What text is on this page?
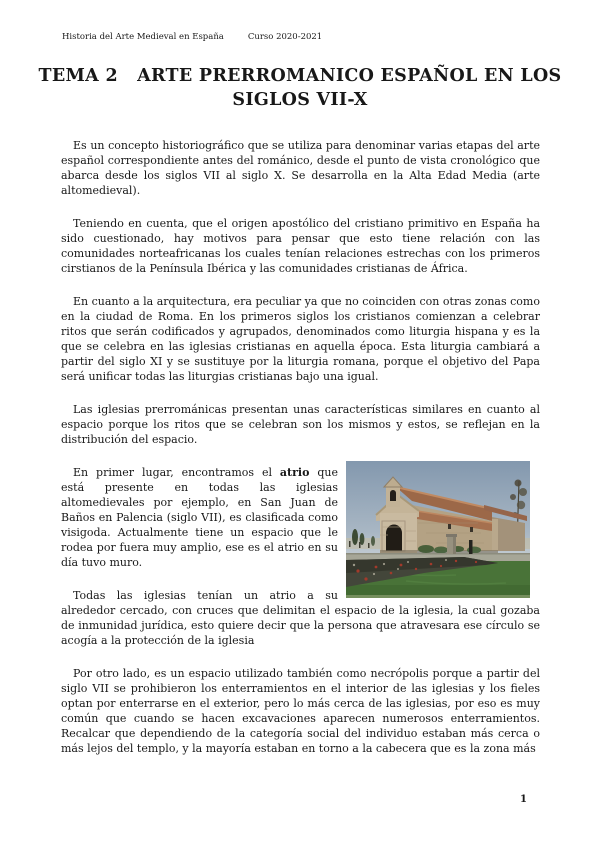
Historia del Arte Medieval en España	Curso 2020-2021
TEMA 2   ARTE PRERROMANICO ESPAÑOL EN LOS
SIGLOS VII-X

Es un concepto historiográfico que se utiliza para denominar varias etapas del arte español correspondiente antes del románico, desde el punto de vista cronológico que abarca desde los siglos VII al siglo X. Se desarrolla en la Alta Edad Media (arte altomedieval).

Teniendo en cuenta, que el origen apostólico del cristiano primitivo en España ha sido cuestionado, hay motivos para pensar que esto tiene relación con las comunidades norteafricanas los cuales tenían relaciones estrechas con los primeros cirstianos de la Península Ibérica y las comunidades cristianas de África.

En cuanto a la arquitectura, era peculiar ya que no coinciden con otras zonas como en la ciudad de Roma. En los primeros siglos los cristianos comienzan a celebrar ritos que serán codificados y agrupados, denominados como liturgia hispana y es la que se celebra en las iglesias cristianas en aquella época. Esta liturgia cambiará a partir del siglo XI y se sustituye por la liturgia romana, porque el objetivo del Papa será unificar todas las liturgias cristianas bajo una igual.

Las iglesias prerrománicas presentan unas características similares en cuanto al espacio porque los ritos que se celebran son los mismos y estos, se reflejan en la distribución del espacio.

En primer lugar, encontramos el atrio que está presente en todas las iglesias altomedievales por ejemplo, en San Juan de Baños en Palencia (siglo VII), es clasificada como visigoda. Actualmente tiene un espacio que le rodea por fuera muy amplio, ese es el atrio en su día tuvo muro.

Todas las iglesias tenían un atrio a su alrededor cercado, con cruces que delimitan el espacio de la iglesia, la cual gozaba de inmunidad jurídica, esto quiere decir que la persona que atravesara ese círculo se acogía a la protección de la iglesia

Por otro lado, es un espacio utilizado también como necrópolis porque a partir del siglo VII se prohibieron los enterramientos en el interior de las iglesias y los fieles optan por enterrarse en el exterior, pero lo más cerca de las iglesias, por eso es muy común que cuando se hacen excavaciones aparecen numerosos enterramientos. Recalcar que dependiendo de la categoría social del individuo estaban más cerca o más lejos del templo, y la mayoría estaban en torno a la cabecera que es la zona más

1
